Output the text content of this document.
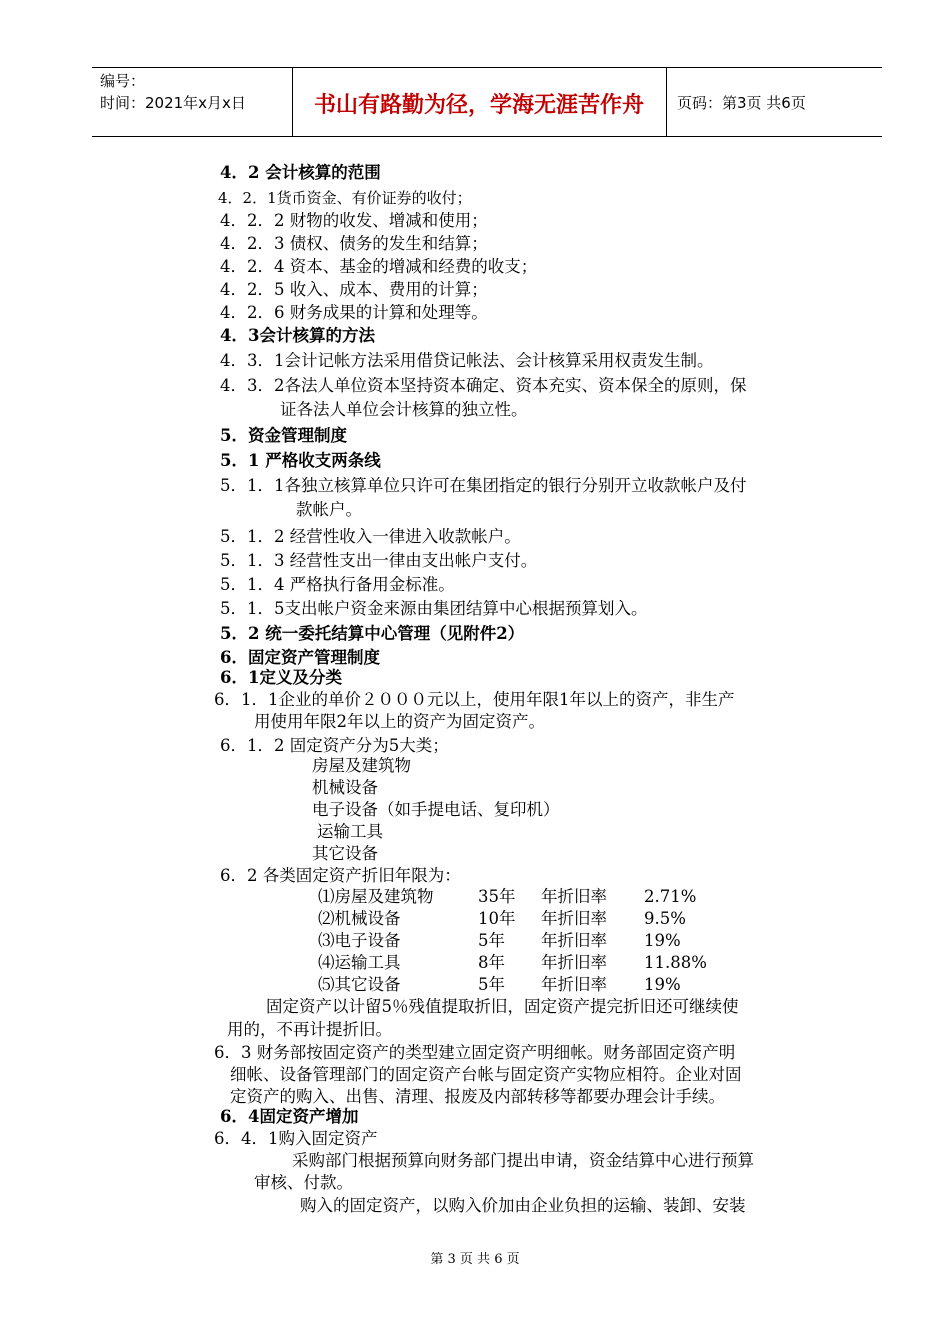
编号：
时间：2021年x月x日	书山有路勤为径，学海无涯苦作舟	页码：第3页 共6页
4．2 会计核算的范围
4．2．1货币资金、有价证券的收付；
4．2．2 财物的收发、增减和使用；
4．2．3 债权、债务的发生和结算；
4．2．4 资本、基金的增减和经费的收支；
4．2．5 收入、成本、费用的计算；
4．2．6 财务成果的计算和处理等。
4．3会计核算的方法
4．3．1会计记帐方法采用借贷记帐法、会计核算采用权责发生制。
4．3．2各法人单位资本坚持资本确定、资本充实、资本保全的原则，保
证各法人单位会计核算的独立性。
5．资金管理制度
5．1 严格收支两条线
5．1．1各独立核算单位只许可在集团指定的银行分别开立收款帐户及付
款帐户。
5．1．2 经营性收入一律进入收款帐户。
5．1．3 经营性支出一律由支出帐户支付。
5．1．4 严格执行备用金标准。
5．1．5支出帐户资金来源由集团结算中心根据预算划入。
5．2 统一委托结算中心管理（见附件2）
6．固定资产管理制度
6．1定义及分类
6．1．1企业的单价２０００元以上，使用年限1年以上的资产，非生产
用使用年限2年以上的资产为固定资产。
6．1．2 固定资产分为5大类；
房屋及建筑物
机械设备
电子设备（如手提电话、复印机）
运输工具
其它设备
6．2 各类固定资产折旧年限为：
⑴房屋及建筑物	35年 年折旧率 2.71%
⑵机械设备	10年 年折旧率 9.5%
⑶电子设备	5年 年折旧率 19%
⑷运输工具	8年 年折旧率 11.88%
⑸其它设备	5年 年折旧率 19%
固定资产以计留5％残值提取折旧，固定资产提完折旧还可继续使
用的，不再计提折旧。
6．3 财务部按固定资产的类型建立固定资产明细帐。财务部固定资产明
细帐、设备管理部门的固定资产台帐与固定资产实物应相符。企业对固
定资产的购入、出售、清理、报废及内部转移等都要办理会计手续。
6．4固定资产增加
6．4．1购入固定资产
采购部门根据预算向财务部门提出申请，资金结算中心进行预算
审核、付款。
购入的固定资产，以购入价加由企业负担的运输、装卸、安装
第 3 页 共 6 页
